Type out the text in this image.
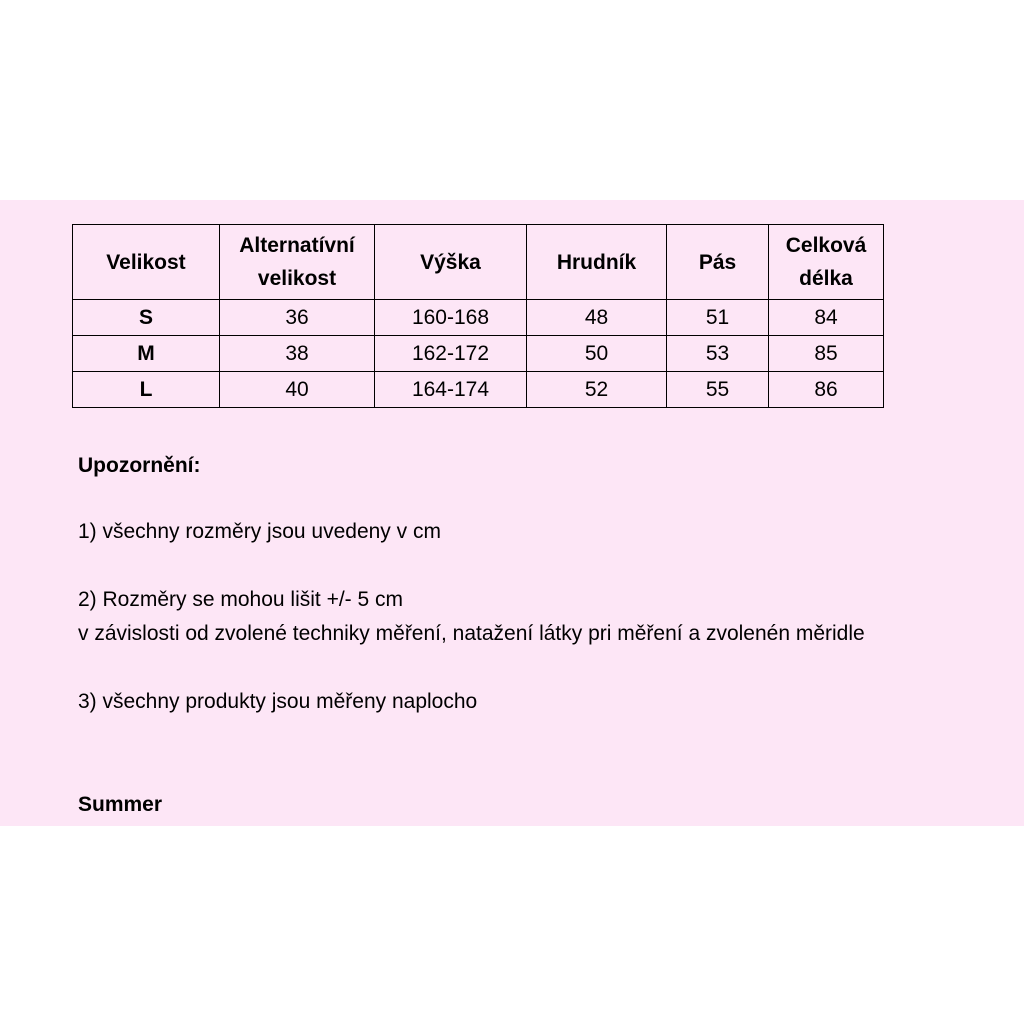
Velikost	Alternatívní velikost	Výška	Hrudník	Pás	Celková délka
S	36	160-168	48	51	84
M	38	162-172	50	53	85
L	40	164-174	52	55	86
Upozornění:
1) všechny rozměry jsou uvedeny v cm
2) Rozměry se mohou lišit +/- 5 cm
v závislosti od zvolené techniky měření, natažení látky pri měření a zvolenén měridle
3) všechny produkty jsou měřeny naplocho
Summer
